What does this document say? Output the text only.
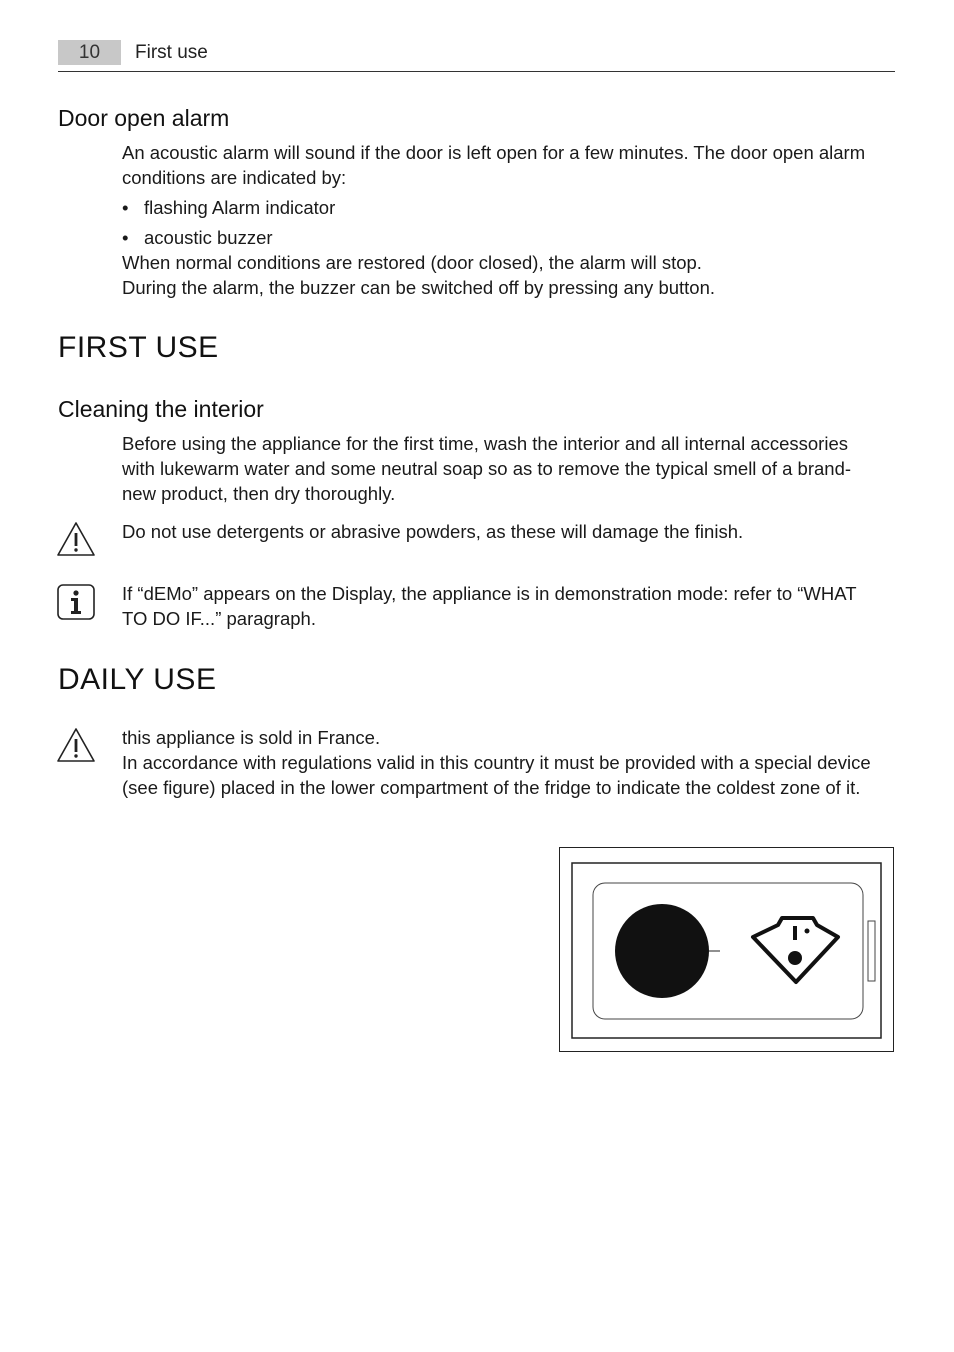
10	First use
Door open alarm

An acoustic alarm will sound if the door is left open for a few minutes. The door open alarm conditions are indicated by:

• flashing Alarm indicator
• acoustic buzzer

When normal conditions are restored (door closed), the alarm will stop.

During the alarm, the buzzer can be switched off by pressing any button.

FIRST USE
Cleaning the interior

Before using the appliance for the first time, wash the interior and all internal accessories with lukewarm water and some neutral soap so as to remove the typical smell of a brand-new product, then dry thoroughly.

Do not use detergents or abrasive powders, as these will damage the finish.

If “dEMo” appears on the Display, the appliance is in demonstration mode: refer to “WHAT TO DO IF...” paragraph.

DAILY USE

this appliance is sold in France.

In accordance with regulations valid in this country it must be provided with a special device (see figure) placed in the lower compartment of the fridge to indicate the coldest zone of it.
